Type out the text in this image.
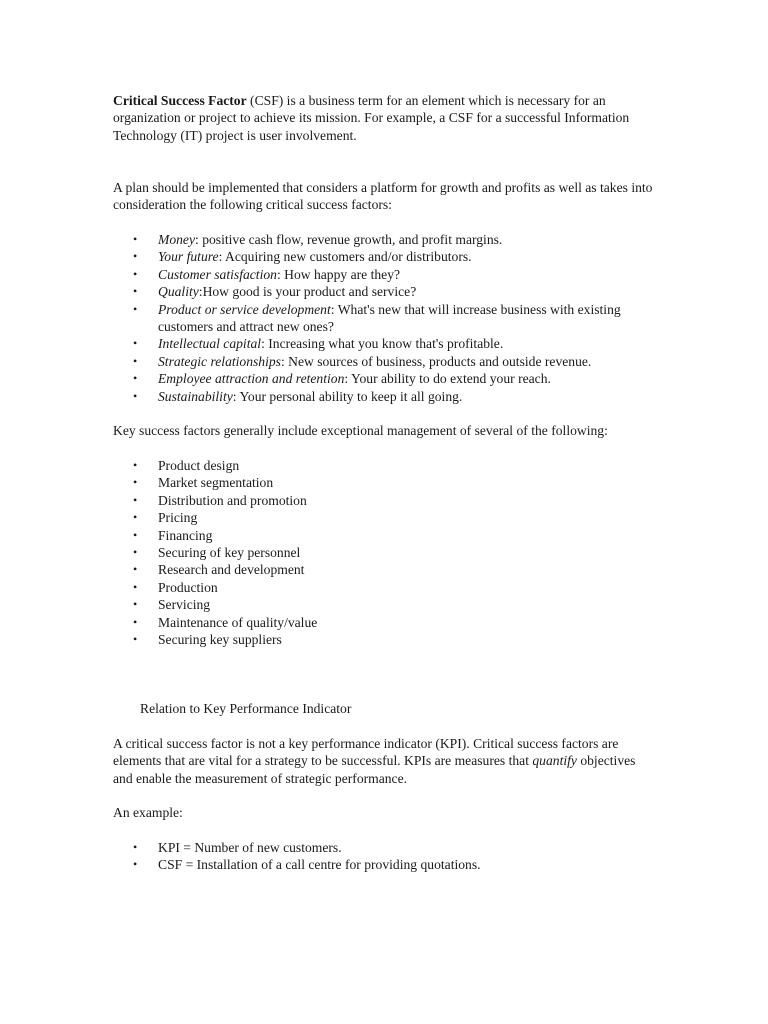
Critical Success Factor (CSF) is a business term for an element which is necessary for an organization or project to achieve its mission. For example, a CSF for a successful Information Technology (IT) project is user involvement.

A plan should be implemented that considers a platform for growth and profits as well as takes into consideration the following critical success factors:

• Money: positive cash flow, revenue growth, and profit margins.
• Your future: Acquiring new customers and/or distributors.
• Customer satisfaction: How happy are they?
• Quality:How good is your product and service?
• Product or service development: What's new that will increase business with existing customers and attract new ones?
• Intellectual capital: Increasing what you know that's profitable.
• Strategic relationships: New sources of business, products and outside revenue.
• Employee attraction and retention: Your ability to do extend your reach.
• Sustainability: Your personal ability to keep it all going.

Key success factors generally include exceptional management of several of the following:

• Product design
• Market segmentation
• Distribution and promotion
• Pricing
• Financing
• Securing of key personnel
• Research and development
• Production
• Servicing
• Maintenance of quality/value
• Securing key suppliers

Relation to Key Performance Indicator

A critical success factor is not a key performance indicator (KPI). Critical success factors are elements that are vital for a strategy to be successful. KPIs are measures that quantify objectives and enable the measurement of strategic performance.

An example:

• KPI = Number of new customers.
• CSF = Installation of a call centre for providing quotations.
